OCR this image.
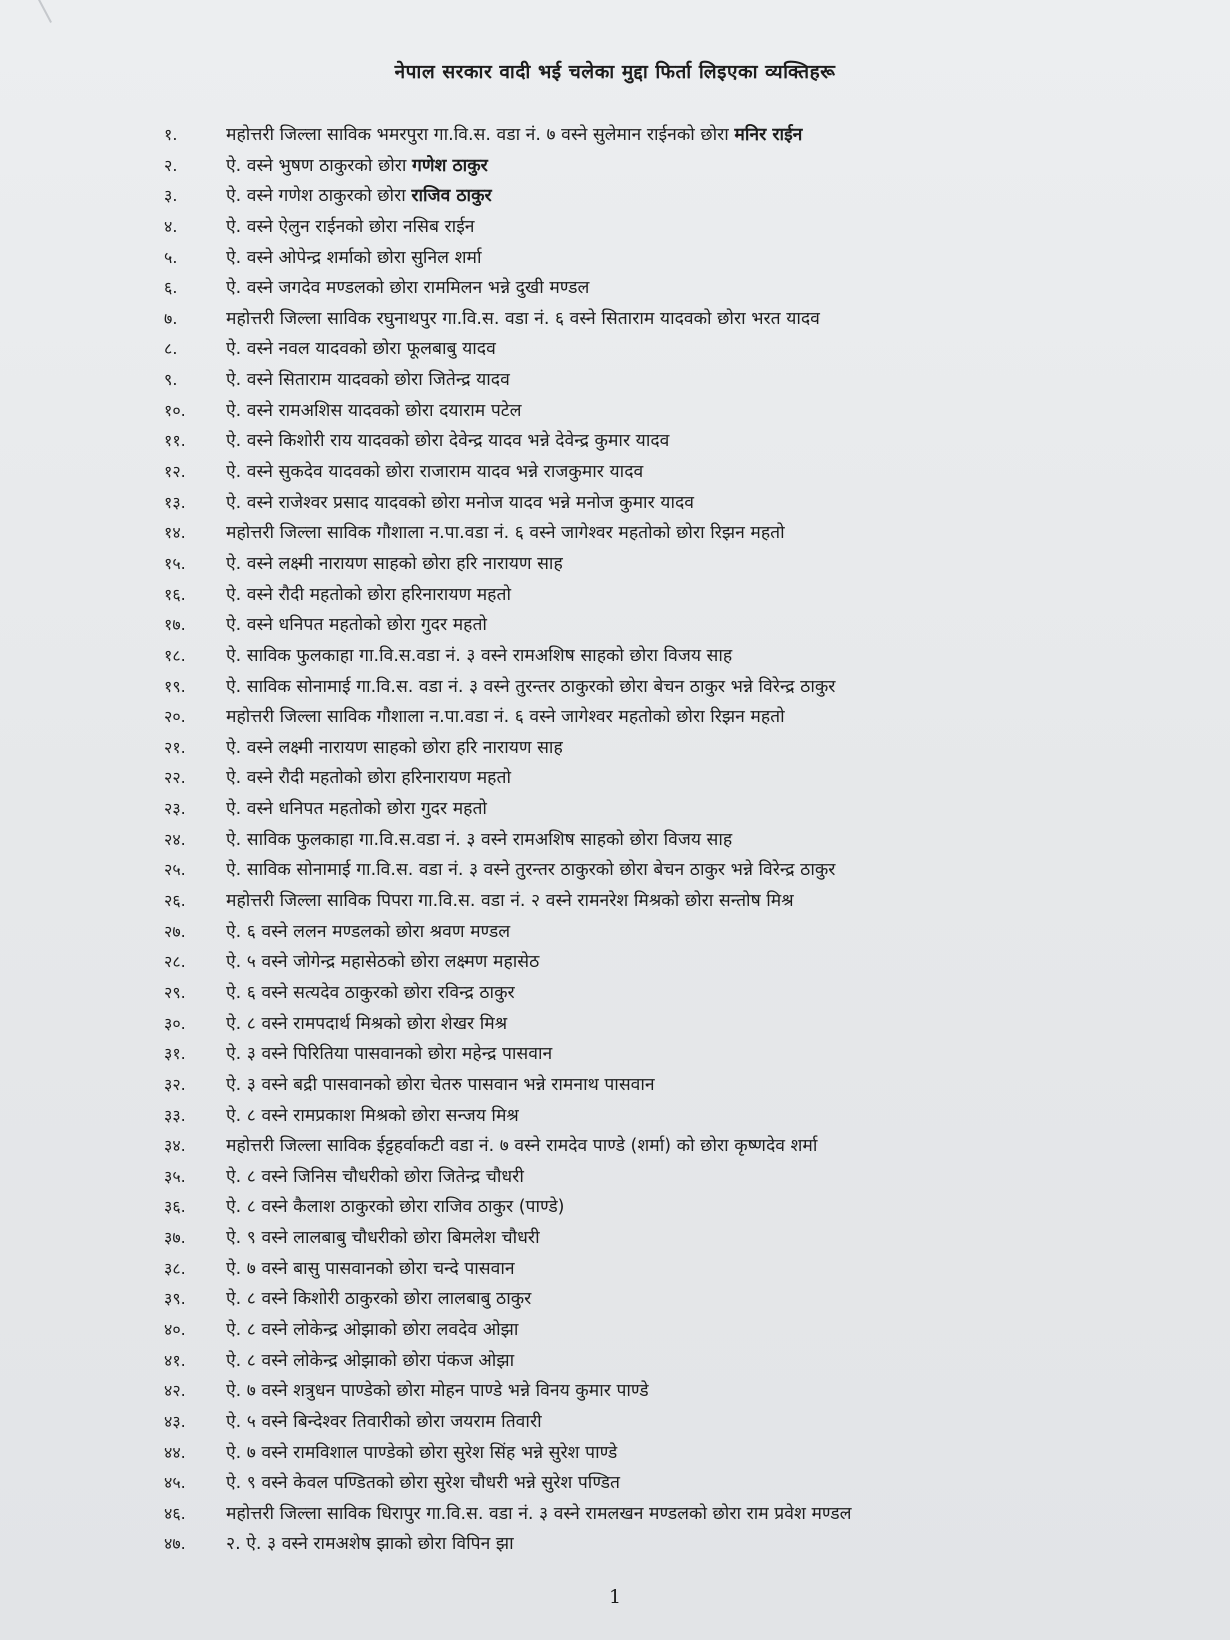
नेपाल सरकार वादी भई चलेका मुद्दा फिर्ता लिइएका व्यक्तिहरू
१.	महोत्तरी जिल्ला साविक भमरपुरा गा.वि.स. वडा नं. ७ वस्ने सुलेमान राईनको छोरा मनिर राईन
२.	ऐ. वस्ने भुषण ठाकुरको छोरा गणेश ठाकुर
३.	ऐ. वस्ने गणेश ठाकुरको छोरा राजिव ठाकुर
४.	ऐ. वस्ने ऐलुन राईनको छोरा नसिब राईन
५.	ऐ. वस्ने ओपेन्द्र शर्माको छोरा सुनिल शर्मा
६.	ऐ. वस्ने जगदेव मण्डलको छोरा राममिलन भन्ने दुखी मण्डल
७.	महोत्तरी जिल्ला साविक रघुनाथपुर गा.वि.स. वडा नं. ६ वस्ने सिताराम यादवको छोरा भरत यादव
८.	ऐ. वस्ने नवल यादवको छोरा फूलबाबु यादव
९.	ऐ. वस्ने सिताराम यादवको छोरा जितेन्द्र यादव
१०.	ऐ. वस्ने रामअशिस यादवको छोरा दयाराम पटेल
११.	ऐ. वस्ने किशोरी राय यादवको छोरा देवेन्द्र यादव भन्ने देवेन्द्र कुमार यादव
१२.	ऐ. वस्ने सुकदेव यादवको छोरा राजाराम यादव भन्ने राजकुमार यादव
१३.	ऐ. वस्ने राजेश्वर प्रसाद यादवको छोरा मनोज यादव भन्ने मनोज कुमार यादव
१४.	महोत्तरी जिल्ला साविक गौशाला न.पा.वडा नं. ६ वस्ने जागेश्वर महतोको छोरा रिझन महतो
१५.	ऐ. वस्ने लक्ष्मी नारायण साहको छोरा हरि नारायण साह
१६.	ऐ. वस्ने रौदी महतोको छोरा हरिनारायण महतो
१७.	ऐ. वस्ने धनिपत महतोको छोरा गुदर महतो
१८.	ऐ. साविक फुलकाहा गा.वि.स.वडा नं. ३ वस्ने रामअशिष साहको छोरा विजय साह
१९.	ऐ. साविक सोनामाई गा.वि.स. वडा नं. ३ वस्ने तुरन्तर ठाकुरको छोरा बेचन ठाकुर भन्ने विरेन्द्र ठाकुर
२०.	महोत्तरी जिल्ला साविक गौशाला न.पा.वडा नं. ६ वस्ने जागेश्वर महतोको छोरा रिझन महतो
२१.	ऐ. वस्ने लक्ष्मी नारायण साहको छोरा हरि नारायण साह
२२.	ऐ. वस्ने रौदी महतोको छोरा हरिनारायण महतो
२३.	ऐ. वस्ने धनिपत महतोको छोरा गुदर महतो
२४.	ऐ. साविक फुलकाहा गा.वि.स.वडा नं. ३ वस्ने रामअशिष साहको छोरा विजय साह
२५.	ऐ. साविक सोनामाई गा.वि.स. वडा नं. ३ वस्ने तुरन्तर ठाकुरको छोरा बेचन ठाकुर भन्ने विरेन्द्र ठाकुर
२६.	महोत्तरी जिल्ला साविक पिपरा गा.वि.स. वडा नं. २ वस्ने रामनरेश मिश्रको छोरा सन्तोष मिश्र
२७.	ऐ. ६ वस्ने ललन मण्डलको छोरा श्रवण मण्डल
२८.	ऐ. ५ वस्ने जोगेन्द्र महासेठको छोरा लक्ष्मण महासेठ
२९.	ऐ. ६ वस्ने सत्यदेव ठाकुरको छोरा रविन्द्र ठाकुर
३०.	ऐ. ८ वस्ने रामपदार्थ मिश्रको छोरा शेखर मिश्र
३१.	ऐ. ३ वस्ने पिरितिया पासवानको छोरा महेन्द्र पासवान
३२.	ऐ. ३ वस्ने बद्री पासवानको छोरा चेतरु पासवान भन्ने रामनाथ पासवान
३३.	ऐ. ८ वस्ने रामप्रकाश मिश्रको छोरा सन्जय मिश्र
३४.	महोत्तरी जिल्ला साविक ईट्टहर्वाकटी वडा नं. ७ वस्ने रामदेव पाण्डे (शर्मा) को छोरा कृष्णदेव शर्मा
३५.	ऐ. ८ वस्ने जिनिस चौधरीको छोरा जितेन्द्र चौधरी
३६.	ऐ. ८ वस्ने कैलाश ठाकुरको छोरा राजिव ठाकुर (पाण्डे)
३७.	ऐ. ९ वस्ने लालबाबु चौधरीको छोरा बिमलेश चौधरी
३८.	ऐ. ७ वस्ने बासु पासवानको छोरा चन्दे पासवान
३९.	ऐ. ८ वस्ने किशोरी ठाकुरको छोरा लालबाबु ठाकुर
४०.	ऐ. ८ वस्ने लोकेन्द्र ओझाको छोरा लवदेव ओझा
४१.	ऐ. ८ वस्ने लोकेन्द्र ओझाको छोरा पंकज ओझा
४२.	ऐ. ७ वस्ने शत्रुधन पाण्डेको छोरा मोहन पाण्डे भन्ने विनय कुमार पाण्डे
४३.	ऐ. ५ वस्ने बिन्देश्वर तिवारीको छोरा जयराम तिवारी
४४.	ऐ. ७ वस्ने रामविशाल पाण्डेको छोरा सुरेश सिंह भन्ने सुरेश पाण्डे
४५.	ऐ. ९ वस्ने केवल पण्डितको छोरा सुरेश चौधरी भन्ने सुरेश पण्डित
४६.	महोत्तरी जिल्ला साविक धिरापुर गा.वि.स. वडा नं. ३ वस्ने रामलखन मण्डलको छोरा राम प्रवेश मण्डल
४७.	२. ऐ. ३ वस्ने रामअशेष झाको छोरा विपिन झा
1
